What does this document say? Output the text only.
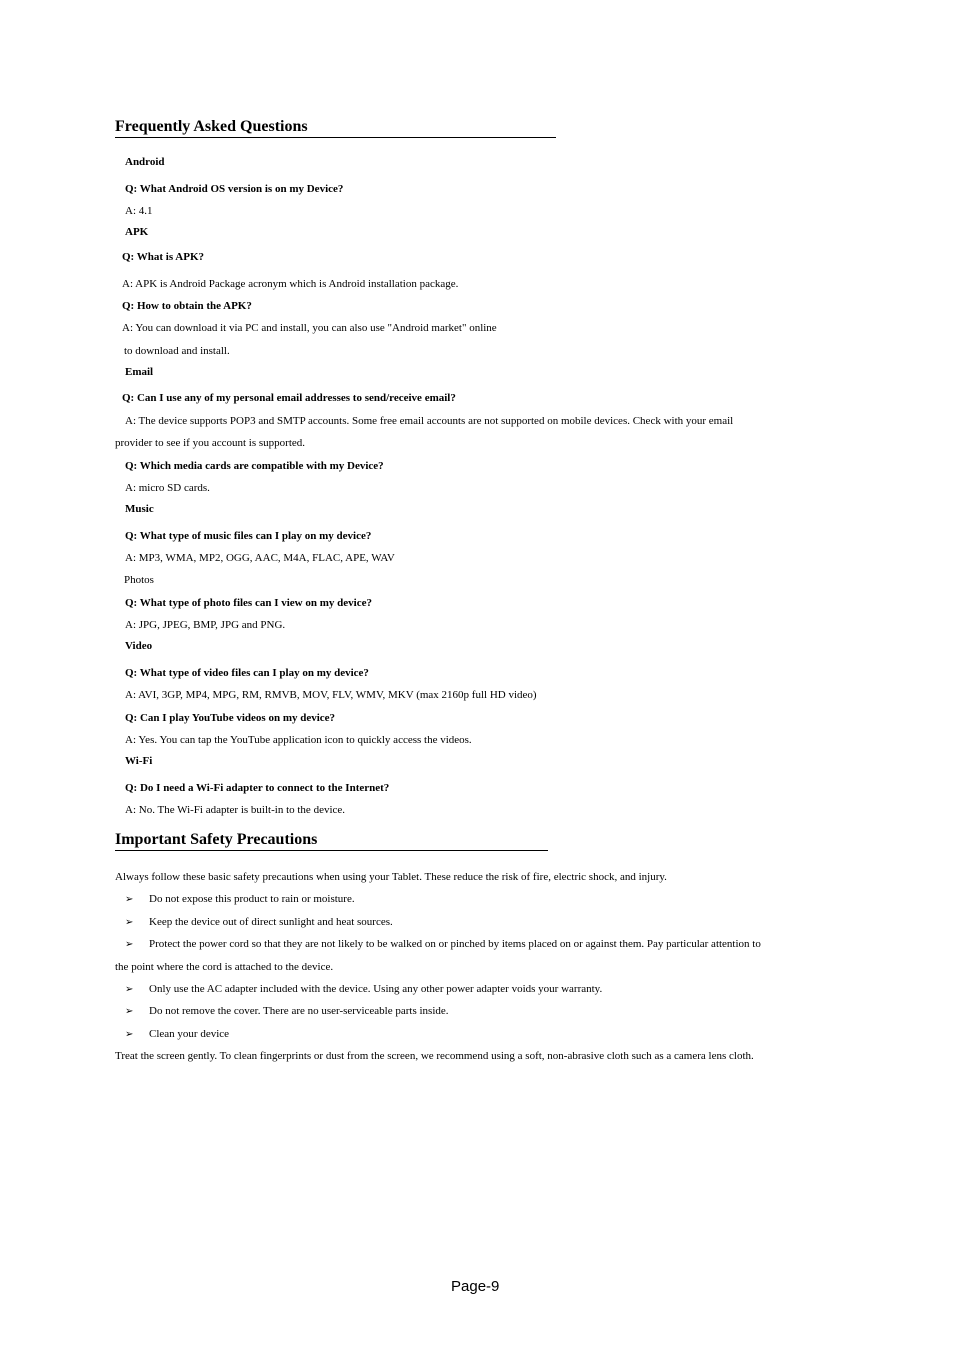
Frequently Asked Questions
Android
Q: What Android OS version is on my Device?
A: 4.1
APK
Q: What is APK?
A: APK is Android Package acronym which is Android installation package.
Q: How to obtain the APK?
A: You can download it via PC and install, you can also use "Android market" online
to download and install.
Email
Q: Can I use any of my personal email addresses to send/receive email?
A: The device supports POP3 and SMTP accounts. Some free email accounts are not supported on mobile devices. Check with your email
provider to see if you account is supported.
Q: Which media cards are compatible with my Device?
A: micro SD cards.
Music
Q: What type of music files can I play on my device?
A: MP3, WMA, MP2, OGG, AAC, M4A, FLAC, APE, WAV
Photos
Q: What type of photo files can I view on my device?
A: JPG, JPEG, BMP, JPG and PNG.
Video
Q: What type of video files can I play on my device?
A: AVI, 3GP, MP4, MPG, RM, RMVB, MOV, FLV, WMV, MKV (max 2160p full HD video)
Q: Can I play YouTube videos on my device?
A: Yes. You can tap the YouTube application icon to quickly access the videos.
Wi-Fi
Q: Do I need a Wi-Fi adapter to connect to the Internet?
A: No. The Wi-Fi adapter is built-in to the device.
Important Safety Precautions
Always follow these basic safety precautions when using your Tablet. These reduce the risk of fire, electric shock, and injury.
➢ Do not expose this product to rain or moisture.
➢ Keep the device out of direct sunlight and heat sources.
➢ Protect the power cord so that they are not likely to be walked on or pinched by items placed on or against them. Pay particular attention to
the point where the cord is attached to the device.
➢ Only use the AC adapter included with the device. Using any other power adapter voids your warranty.
➢ Do not remove the cover. There are no user-serviceable parts inside.
➢ Clean your device
Treat the screen gently. To clean fingerprints or dust from the screen, we recommend using a soft, non-abrasive cloth such as a camera lens cloth.
Page-9
